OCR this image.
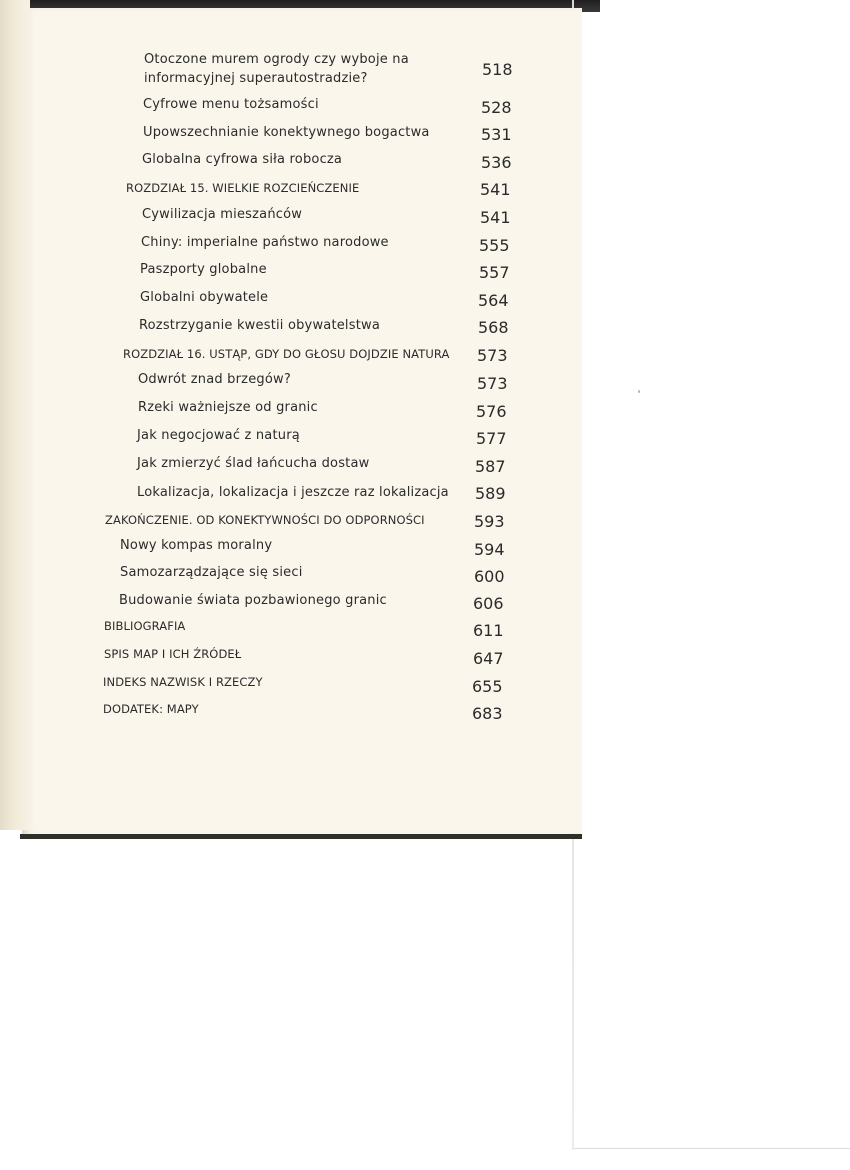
Otoczone murem ogrody czy wyboje na informacyjnej superautostradzie?	518
Cyfrowe menu tożsamości	528
Upowszechnianie konektywnego bogactwa	531
Globalna cyfrowa siła robocza	536
ROZDZIAŁ 15. WIELKIE ROZCIEŃCZENIE	541
Cywilizacja mieszańców	541
Chiny: imperialne państwo narodowe	555
Paszporty globalne	557
Globalni obywatele	564
Rozstrzyganie kwestii obywatelstwa	568
ROZDZIAŁ 16. USTĄP, GDY DO GŁOSU DOJDZIE NATURA 573
Odwrót znad brzegów?	573
Rzeki ważniejsze od granic	576
Jak negocjować z naturą	577
Jak zmierzyć ślad łańcucha dostaw	587
Lokalizacja, lokalizacja i jeszcze raz lokalizacja 589
ZAKOŃCZENIE. OD KONEKTYWNOŚCI DO ODPORNOŚCI	593
Nowy kompas moralny	594
Samozarządzające się sieci	600
Budowanie świata pozbawionego granic	606
BIBLIOGRAFIA	611
SPIS MAP I ICH ŹRÓDEŁ	647
INDEKS NAZWISK I RZECZY	655
DODATEK: MAPY	683
